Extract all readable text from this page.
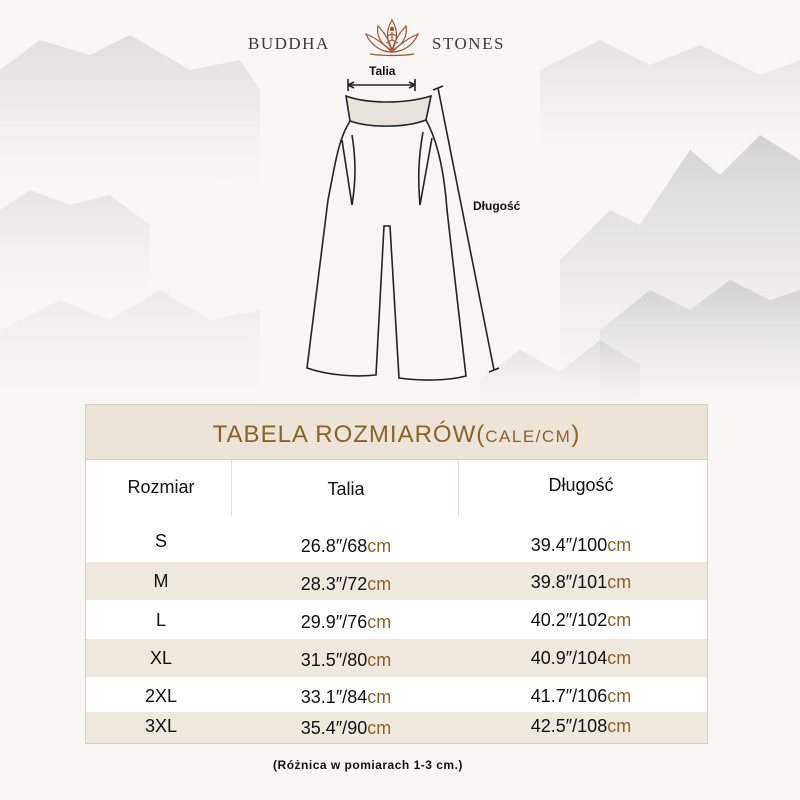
BUDDHA	STONES
Talia
Długość
TABELA ROZMIARÓW(CALE/CM)
Rozmiar	Talia	Długość
S	26.8″/68cm	39.4″/100cm
M	28.3″/72cm	39.8″/101cm
L	29.9″/76cm	40.2″/102cm
XL	31.5″/80cm	40.9″/104cm
2XL	33.1″/84cm	41.7″/106cm
3XL	35.4″/90cm	42.5″/108cm
(Różnica w pomiarach 1-3 cm.)
